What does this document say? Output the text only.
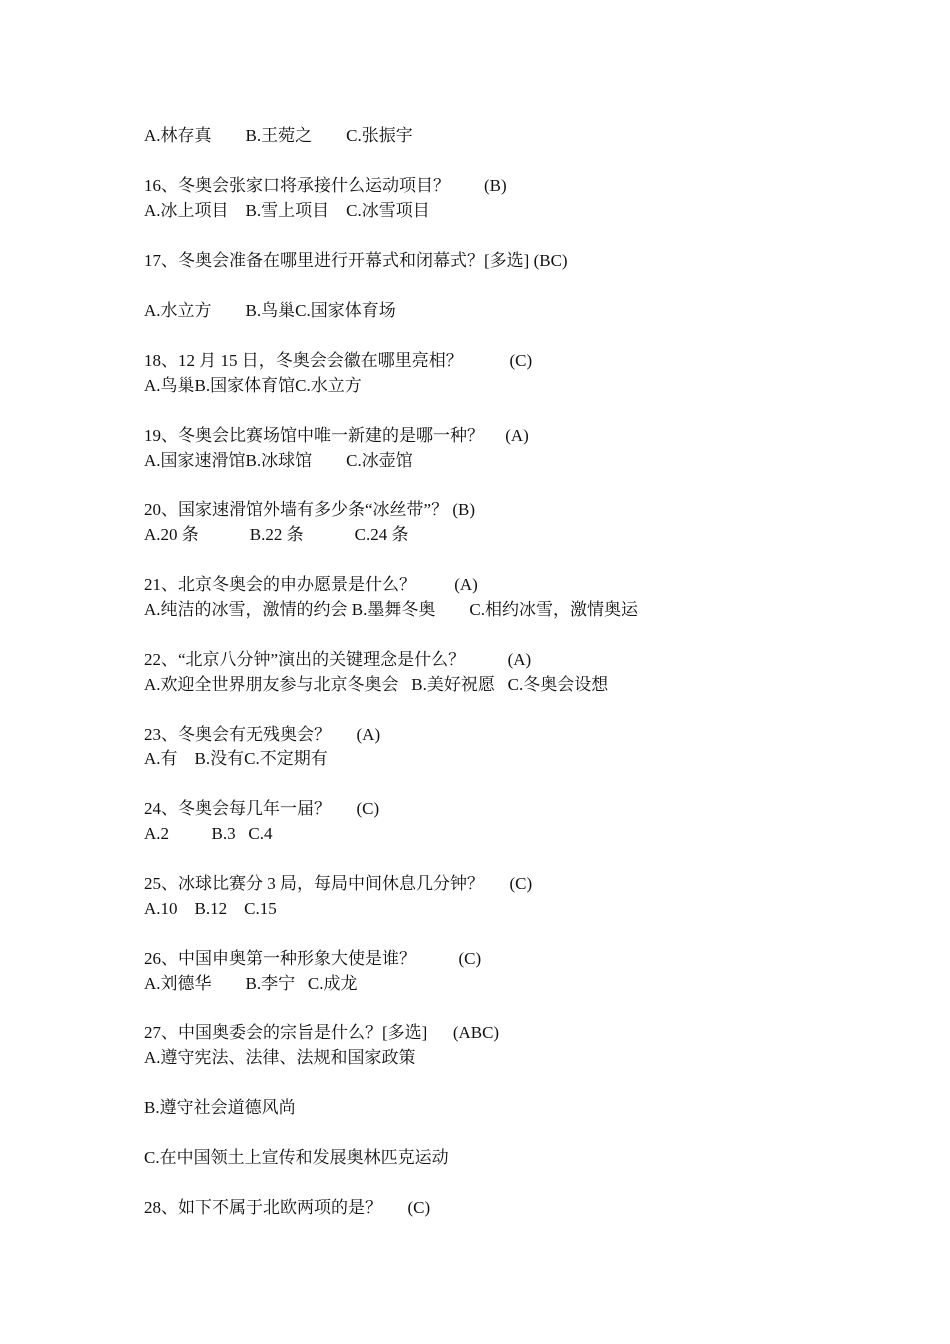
A.林存真        B.王菀之        C.张振宇
16、冬奥会张家口将承接什么运动项目？        (B)
A.冰上项目    B.雪上项目    C.冰雪项目
17、冬奥会准备在哪里进行开幕式和闭幕式？[多选] (BC)
A.水立方        B.鸟巢C.国家体育场
18、12 月 15 日，冬奥会会徽在哪里亮相？           (C)
A.鸟巢B.国家体育馆C.水立方
19、冬奥会比赛场馆中唯一新建的是哪一种？     (A)
A.国家速滑馆B.冰球馆        C.冰壶馆
20、国家速滑馆外墙有多少条“冰丝带”？ (B)
A.20 条            B.22 条            C.24 条
21、北京冬奥会的申办愿景是什么？         (A)
A.纯洁的冰雪，激情的约会 B.墨舞冬奥        C.相约冰雪，激情奥运
22、“北京八分钟”演出的关键理念是什么？          (A)
A.欢迎全世界朋友参与北京冬奥会   B.美好祝愿   C.冬奥会设想
23、冬奥会有无残奥会？      (A)
A.有    B.没有C.不定期有
24、冬奥会每几年一届？      (C)
A.2          B.3   C.4
25、冰球比赛分 3 局，每局中间休息几分钟？      (C)
A.10    B.12    C.15
26、中国申奥第一种形象大使是谁？          (C)
A.刘德华        B.李宁   C.成龙
27、中国奥委会的宗旨是什么？[多选]      (ABC)
A.遵守宪法、法律、法规和国家政策
B.遵守社会道德风尚
C.在中国领土上宣传和发展奥林匹克运动
28、如下不属于北欧两项的是？      (C)
